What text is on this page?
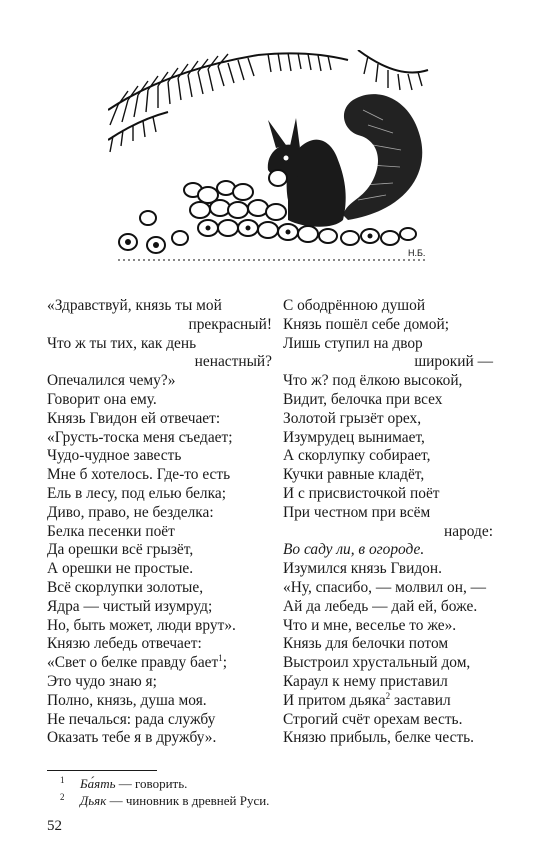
Н.Б.
«Здравствуй, князь ты мой
прекрасный!
Что ж ты тих, как день
ненастный?
Опечалился чему?»
Говорит она ему.
Князь Гвидон ей отвечает:
«Грусть-тоска меня съедает;
Чудо-чудное завесть
Мне б хотелось. Где-то есть
Ель в лесу, под елью белка;
Диво, право, не безделка:
Белка песенки поёт
Да орешки всё грызёт,
А орешки не простые.
Всё скорлупки золотые,
Ядра — чистый изумруд;
Но, быть может, люди врут».
Князю лебедь отвечает:
«Свет о белке правду бает$^1$;
Это чудо знаю я;
Полно, князь, душа моя.
Не печалься: рада службу
Оказать тебе я в дружбу».
С ободрённою душой
Князь пошёл себе домой;
Лишь ступил на двор
широкий —
Что ж? под ёлкою высокой,
Видит, белочка при всех
Золотой грызёт орех,
Изумрудец вынимает,
А скорлупку собирает,
Кучки равные кладёт,
И с присвисточкой поёт
При честном при всём
народе:
Во саду ли, в огороде.
Изумился князь Гвидон.
«Ну, спасибо, — молвил он, —
Ай да лебедь — дай ей, боже.
Что и мне, веселье то же».
Князь для белочки потом
Выстроил хрустальный дом,
Караул к нему приставил
И притом дьяка$^2$ заставил
Строгий счёт орехам весть.
Князю прибыль, белке честь.
1 Ба́ять — говорить.
2 Дьяк — чиновник в древней Руси.
52
